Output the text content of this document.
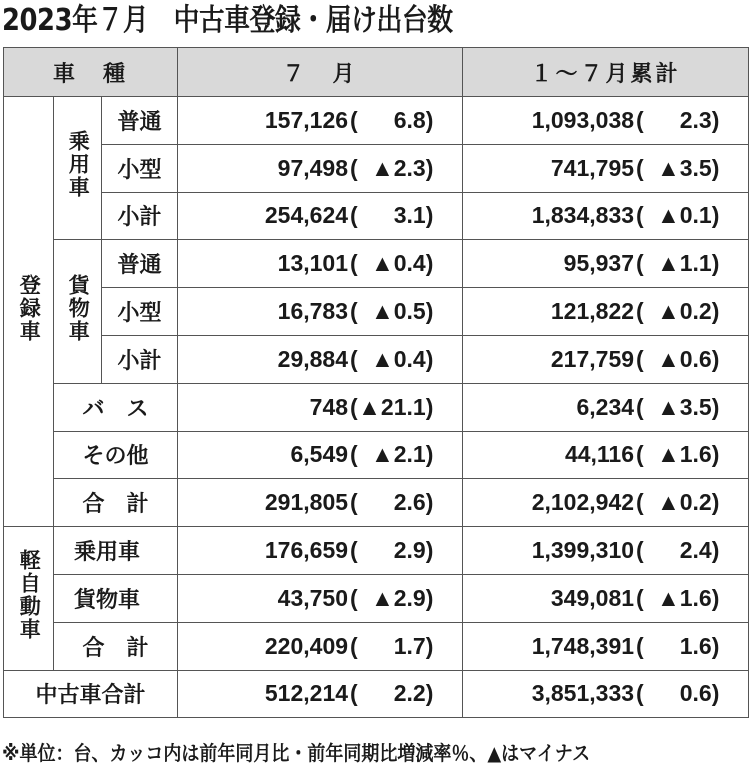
2023年７月　中古車登録・届け出台数
車　種			７　月	１～７月累計
登録車	乗用車	普通	157,126( 6.8)	1,093,038( 2.3)
		小型	97,498( ▲2.3)	741,795( ▲3.5)
		小計	254,624( 3.1)	1,834,833( ▲0.1)
	貨物車	普通	13,101( ▲0.4)	95,937( ▲1.1)
		小型	16,783( ▲0.5)	121,822( ▲0.2)
		小計	29,884( ▲0.4)	217,759( ▲0.6)
	バ　ス		748(▲21.1)	6,234( ▲3.5)
	その他		6,549( ▲2.1)	44,116( ▲1.6)
	合　計		291,805( 2.6)	2,102,942( ▲0.2)
軽自動車	乗用車		176,659( 2.9)	1,399,310( 2.4)
	貨物車		43,750( ▲2.9)	349,081( ▲1.6)
	合　計		220,409( 1.7)	1,748,391( 1.6)
中古車合計			512,214( 2.2)	3,851,333( 0.6)
※単位：台、カッコ内は前年同月比・前年同期比増減率％、▲はマイナス
